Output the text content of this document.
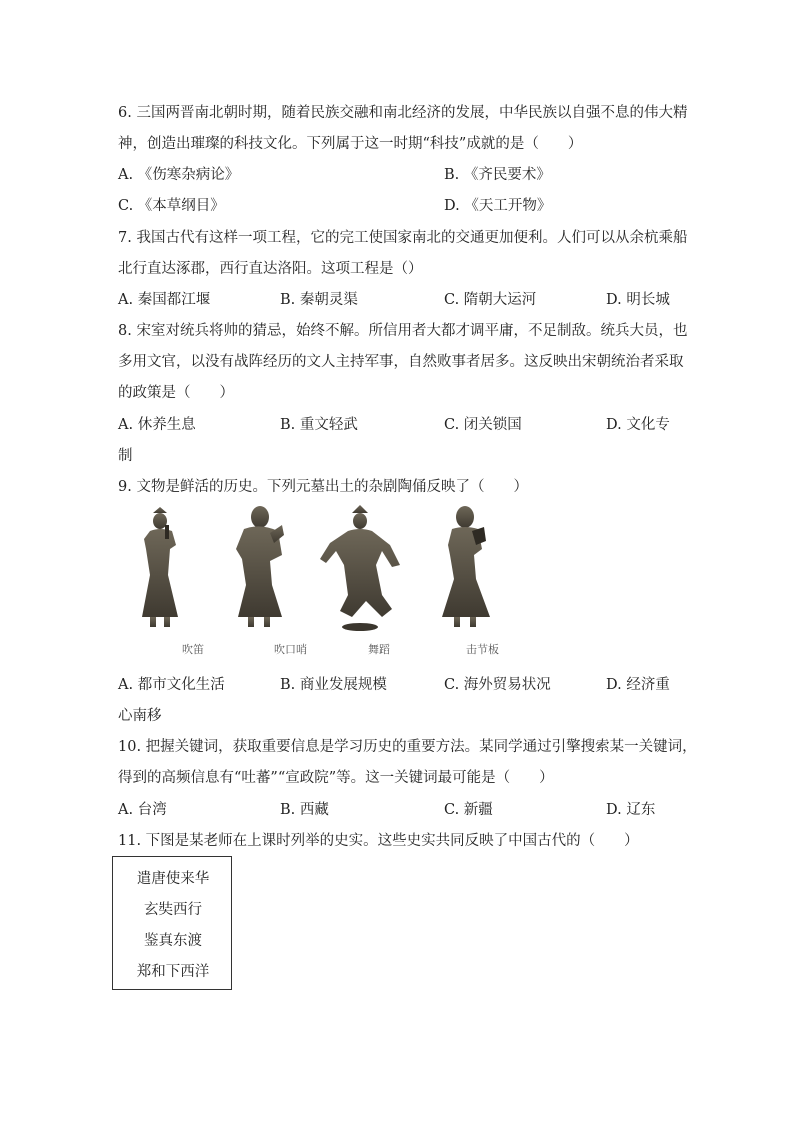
6. 三国两晋南北朝时期，随着民族交融和南北经济的发展，中华民族以自强不息的伟大精
神，创造出璀璨的科技文化。下列属于这一时期“科技”成就的是（　　）
A. 《伤寒杂病论》	B. 《齐民要术》
C. 《本草纲目》	D. 《天工开物》
7. 我国古代有这样一项工程，它的完工使国家南北的交通更加便利。人们可以从余杭乘船
北行直达涿郡，西行直达洛阳。这项工程是（）
A. 秦国都江堰	B. 秦朝灵渠	C. 隋朝大运河	D. 明长城
8. 宋室对统兵将帅的猜忌，始终不解。所信用者大都才调平庸，不足制敌。统兵大员，也
多用文官，以没有战阵经历的文人主持军事，自然败事者居多。这反映出宋朝统治者采取
的政策是（　　）
A. 休养生息	B. 重文轻武	C. 闭关锁国	D. 文化专
制
9. 文物是鲜活的历史。下列元墓出土的杂剧陶俑反映了（　　）
吹笛	吹口哨	舞蹈	击节板
A. 都市文化生活	B. 商业发展规模	C. 海外贸易状况	D. 经济重
心南移
10. 把握关键词，获取重要信息是学习历史的重要方法。某同学通过引擎搜索某一关键词，
得到的高频信息有“吐蕃”“宣政院”等。这一关键词最可能是（　　）
A. 台湾	B. 西藏	C. 新疆	D. 辽东
11. 下图是某老师在上课时列举的史实。这些史实共同反映了中国古代的（　　）
遣唐使来华
玄奘西行
鉴真东渡
郑和下西洋
